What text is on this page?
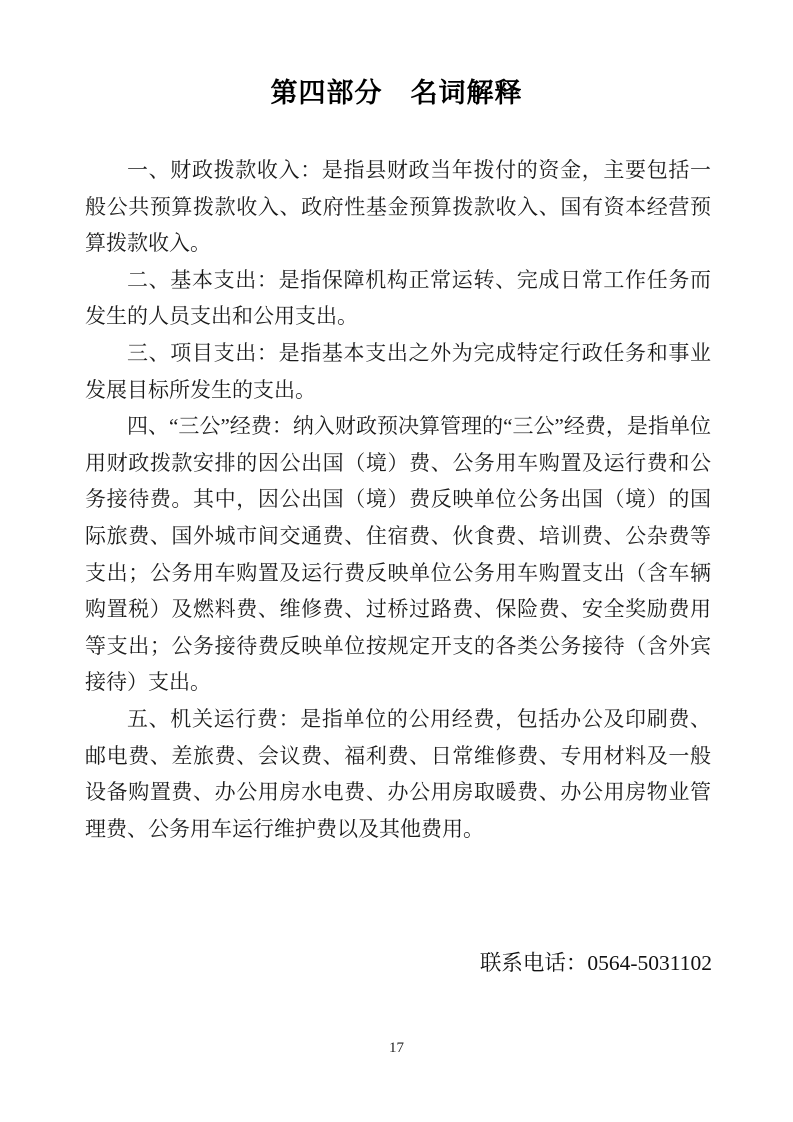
第四部分　名词解释

一、财政拨款收入：是指县财政当年拨付的资金，主要包括一般公共预算拨款收入、政府性基金预算拨款收入、国有资本经营预算拨款收入。

二、基本支出：是指保障机构正常运转、完成日常工作任务而发生的人员支出和公用支出。

三、项目支出：是指基本支出之外为完成特定行政任务和事业发展目标所发生的支出。

四、“三公”经费：纳入财政预决算管理的“三公”经费，是指单位用财政拨款安排的因公出国（境）费、公务用车购置及运行费和公务接待费。其中，因公出国（境）费反映单位公务出国（境）的国际旅费、国外城市间交通费、住宿费、伙食费、培训费、公杂费等支出；公务用车购置及运行费反映单位公务用车购置支出（含车辆购置税）及燃料费、维修费、过桥过路费、保险费、安全奖励费用等支出；公务接待费反映单位按规定开支的各类公务接待（含外宾接待）支出。

五、机关运行费：是指单位的公用经费，包括办公及印刷费、邮电费、差旅费、会议费、福利费、日常维修费、专用材料及一般设备购置费、办公用房水电费、办公用房取暖费、办公用房物业管理费、公务用车运行维护费以及其他费用。

联系电话：0564-5031102
17
